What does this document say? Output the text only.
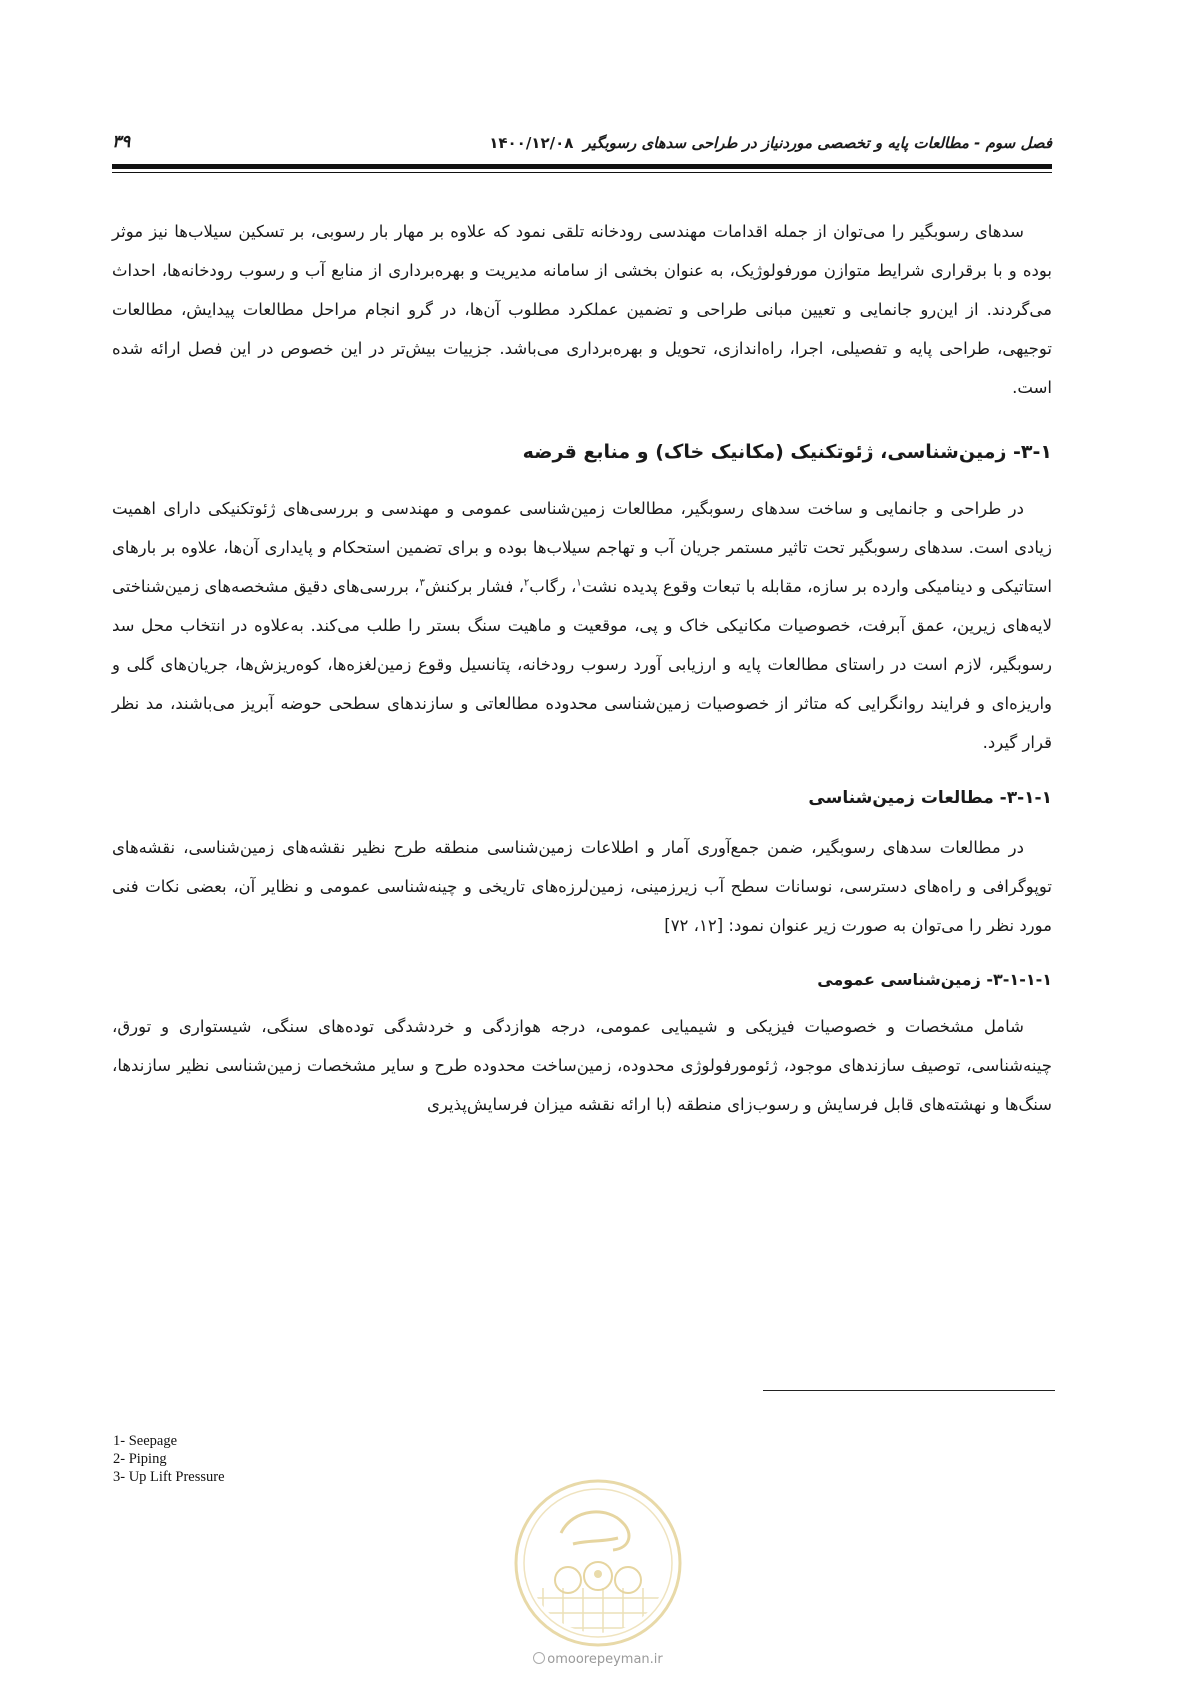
فصل سوم - مطالعات پایه و تخصصی موردنیاز در طراحی سدهای رسوبگیر۱۴۰۰/۱۲/۰۸
۳۹

سدهای رسوبگیر را می‌توان از جمله اقدامات مهندسی رودخانه تلقی نمود که علاوه بر مهار بار رسوبی، بر تسکین سیلاب‌ها نیز موثر بوده و با برقراری شرایط متوازن مورفولوژیک، به عنوان بخشی از سامانه مدیریت و بهره‌برداری از منابع آب و رسوب رودخانه‌ها، احداث می‌گردند. از این‌رو جانمایی و تعیین مبانی طراحی و تضمین عملکرد مطلوب آن‌ها، در گرو انجام مراحل مطالعات پیدایش، مطالعات توجیهی، طراحی پایه و تفصیلی، اجرا، راه‌اندازی، تحویل و بهره‌برداری می‌باشد. جزییات بیش‌تر در این خصوص در این فصل ارائه شده است.

۳-۱- زمین‌شناسی، ژئوتکنیک (مکانیک خاک) و منابع قرضه

در طراحی و جانمایی و ساخت سدهای رسوبگیر، مطالعات زمین‌شناسی عمومی و مهندسی و بررسی‌های ژئوتکنیکی دارای اهمیت زیادی است. سدهای رسوبگیر تحت تاثیر مستمر جریان آب و تهاجم سیلاب‌ها بوده و برای تضمین استحکام و پایداری آن‌ها، علاوه بر بارهای استاتیکی و دینامیکی وارده بر سازه، مقابله با تبعات وقوع پدیده نشت$^۱$، رگاب$^۲$، فشار برکنش$^۳$، بررسی‌های دقیق مشخصه‌های زمین‌شناختی لایه‌های زیرین، عمق آبرفت، خصوصیات مکانیکی خاک و پی، موقعیت و ماهیت سنگ بستر را طلب می‌کند. به‌علاوه در انتخاب محل سد رسوبگیر، لازم است در راستای مطالعات پایه و ارزیابی آورد رسوب رودخانه، پتانسیل وقوع زمین‌لغزه‌ها، کوه‌ریزش‌ها، جریان‌های گلی و واریزه‌ای و فرایند روانگرایی که متاثر از خصوصیات زمین‌شناسی محدوده مطالعاتی و سازندهای سطحی حوضه آبریز می‌باشند، مد نظر قرار گیرد.

۳-۱-۱- مطالعات زمین‌شناسی

در مطالعات سدهای رسوبگیر، ضمن جمع‌آوری آمار و اطلاعات زمین‌شناسی منطقه طرح نظیر نقشه‌های زمین‌شناسی، نقشه‌های توپوگرافی و راه‌های دسترسی، نوسانات سطح آب زیرزمینی، زمین‌لرزه‌های تاریخی و چینه‌شناسی عمومی و نظایر آن، بعضی نکات فنی مورد نظر را می‌توان به صورت زیر عنوان نمود: [۱۲، ۷۲]

۳-۱-۱-۱- زمین‌شناسی عمومی

شامل مشخصات و خصوصیات فیزیکی و شیمیایی عمومی، درجه هوازدگی و خردشدگی توده‌های سنگی، شیستواری و تورق، چینه‌شناسی، توصیف سازندهای موجود، ژئومورفولوژی محدوده، زمین‌ساخت محدوده طرح و سایر مشخصات زمین‌شناسی نظیر سازندها، سنگ‌ها و نهشته‌های قابل فرسایش و رسوب‌زای منطقه (با ارائه نقشه میزان فرسایش‌پذیری

1- Seepage
2- Piping
3- Up Lift Pressure
omoorepeyman.ir
